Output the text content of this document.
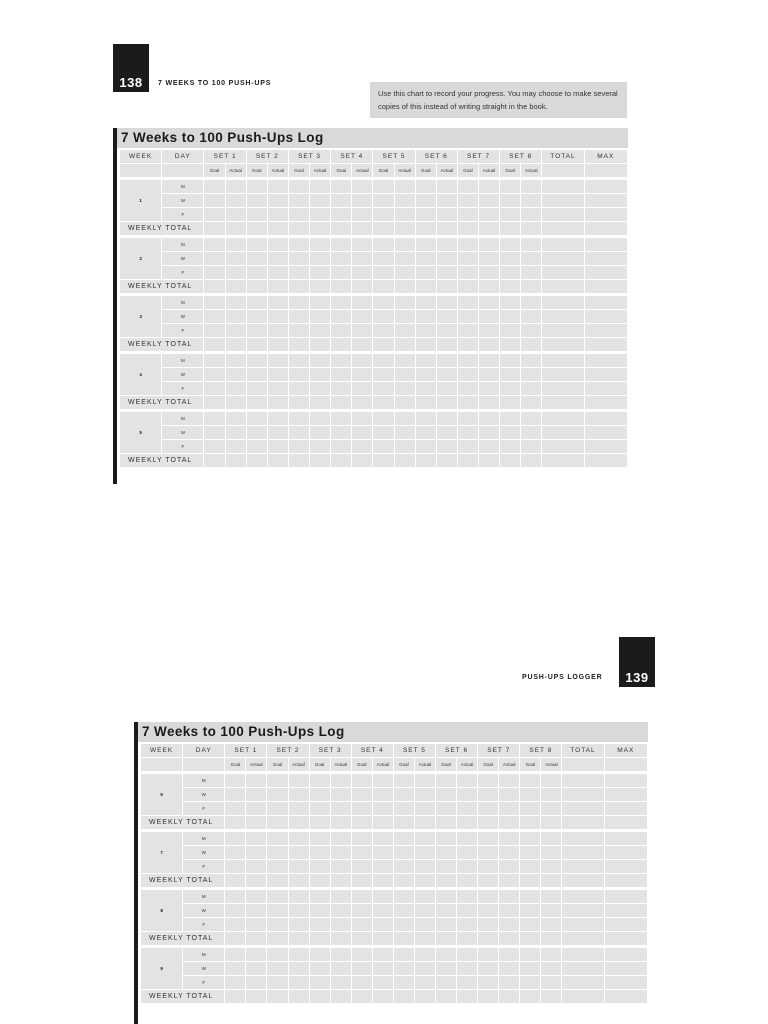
138 7 WEEKS TO 100 PUSH-UPS
Use this chart to record your progress. You may choose to make several copies of this instead of writing straight in the book.
7 Weeks to 100 Push-Ups Log
WEEK	DAY	SET 1		SET 2		SET 3		SET 4		SET 5		SET 6		SET 7		SET 8		TOTAL	MAX
		Goal	Actual	Goal	Actual	Goal	Actual	Goal	Actual	Goal	Actual	Goal	Actual	Goal	Actual	Goal	Actual		

1	M																		
	W																		
	F																		
WEEKLY TOTAL																			

2	M																		
	W																		
	F																		
WEEKLY TOTAL																			

3	M																		
	W																		
	F																		
WEEKLY TOTAL																			

4	M																		
	W																		
	F																		
WEEKLY TOTAL																			

5	M																		
	W																		
	F																		
WEEKLY TOTAL																			
PUSH-UPS LOGGER 139
7 Weeks to 100 Push-Ups Log
WEEK	DAY	SET 1		SET 2		SET 3		SET 4		SET 5		SET 6		SET 7		SET 8		TOTAL	MAX
		Goal	Actual	Goal	Actual	Goal	Actual	Goal	Actual	Goal	Actual	Goal	Actual	Goal	Actual	Goal	Actual		

6	M																		
	W																		
	F																		
WEEKLY TOTAL																			

7	M																		
	W																		
	F																		
WEEKLY TOTAL																			

8	M																		
	W																		
	F																		
WEEKLY TOTAL																			

9	M																		
	W																		
	F																		
WEEKLY TOTAL																			
